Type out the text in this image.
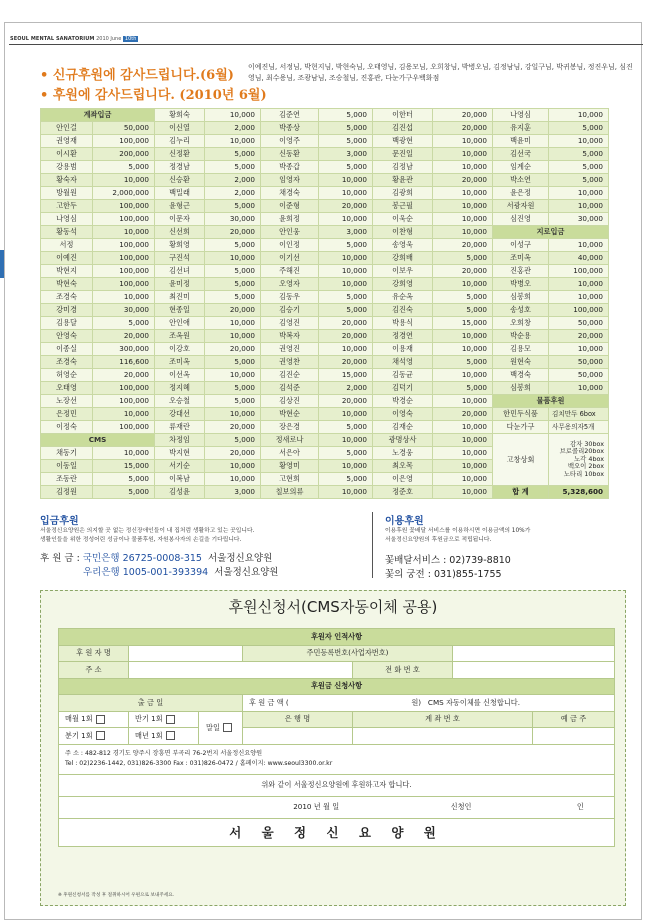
SEOUL MENTAL SANATORIUM 2010 June 10th
• 신규후원에 감사드립니다.(6월)
• 후원에 감사드립니다. (2010년 6월)
이예진님, 서정님, 박현지님, 박현숙님, 오태영님, 김용모님, 오희창님, 박병오님, 김정남님, 강일구님, 박귀봉님, 정진우님, 심진영님, 최수용님, 조광남님, 조승철님, 진홍관, 다눈가구우백화점
계좌입금		황희숙	10,000	김준연	5,000	이한터	20,000	나영심	10,000
안인걸	50,000	이신열	2,000	박종상	5,000	김진섭	20,000	유지훈	5,000
권영재	100,000	김누리	10,000	이영주	5,000	백광현	10,000	백윤미	10,000
이시환	200,000	신정환	5,000	신동환	3,000	문진일	10,000	김선국	5,000
강용범	5,000	정경남	5,000	박종갑	5,000	김정남	10,000	임계순	5,000
황숙자	10,000	신승환	2,000	임영자	10,000	황윤관	20,000	박소연	5,000
방월원	2,000,000	백밀래	2,000	채경숙	10,000	김광희	10,000	윤은정	10,000
고한두	100,000	윤형근	5,000	이준형	20,000	봉근필	10,000	서광자원	10,000
나영심	100,000	이문자	30,000	윤희정	10,000	이욱순	10,000	심진영	30,000
황동석	10,000	신선희	20,000	안인웅	3,000	이찬형	10,000	지로입금	
서정	100,000	황희영	5,000	이인정	5,000	송영욱	20,000	이성구	10,000
이예진	100,000	구진석	10,000	이기선	10,000	강희배	5,000	조미옥	40,000
박현지	100,000	김선녀	5,000	주해진	10,000	이보우	20,000	진홍관	100,000
박현숙	100,000	윤미정	5,000	오영자	10,000	강희영	10,000	박병오	10,000
조경숙	10,000	최진미	5,000	김동우	5,000	유순옥	5,000	심봉희	10,000
강미경	30,000	현종일	20,000	김승기	5,000	김진숙	5,000	송성호	100,000
김용달	5,000	안인애	10,000	김영진	20,000	박용식	15,000	오희창	50,000
안영숙	20,000	조옥원	10,000	박복자	20,000	정경연	10,000	박순용	20,000
이종실	300,000	이강호	20,000	권영진	10,000	이용재	10,000	김용모	10,000
조경숙	116,600	조미옥	5,000	권영찬	20,000	채석영	5,000	원현숙	50,000
허영순	20,000	이선옥	10,000	김진순	15,000	김동균	10,000	백경숙	50,000
오태영	100,000	정지혜	5,000	김석준	2,000	김덕기	5,000	심봉희	10,000
노장선	100,000	오승철	5,000	김상진	20,000	박경순	10,000	물품후원	
은정민	10,000	강대선	10,000	박현순	10,000	이영숙	20,000	한민두식품	김치만두 6box
이정숙	100,000	류재란	20,000	장은경	5,000	김재순	10,000	다눈가구	사무용의자5개
CMS		차정임	5,000	정새로나	10,000	광명상사	10,000	고창상회	감자 30box
브로콜리20box
노각 4box
백오이 2box
노타리 10box

채동기	10,000	박지현	20,000	서은아	5,000	노경웅	10,000		
이동일	15,000	서기순	10,000	황영미	10,000	최오목	10,000		
조동란	5,000	이복남	10,000	고현희	5,000	이은영	10,000		
김정원	5,000	김성윤	3,000	칠보의류	10,000	정준호	10,000	합 계	5,328,600
입금후원
서울정신요양원은 의지할 곳 없는 정신장애인들이 내 집처럼 생활하고 있는 곳입니다.
생활인들을 위한 정성어린 성금이나 물품후원, 자원봉사자의 손길을 기다립니다.
후 원 금 : 국민은행 26725-0008-315 서울정신요양원
우리은행 1005-001-393394 서울정신요양원
이용후원
이용후원 꽃배달 서비스를 이용하시면 이용금액의 10%가
서울정신요양원의 후원금으로 적립됩니다.
꽃배달서비스 : 02)739-8810
꽃의 궁전 : 031)855-1755
후원신청서(CMS자동이체 공용)
후원자 인적사항						
후 원 자 명			주민등록번호(사업자번호)			
주 소				전 화 번 호		
후원금 신청사항						
출 금 일			후 원 금 액 ( 원) CMS 자동이체를 신청합니다.			
매월 1회	반기 1회	말일	은 행 명	계 좌 번 호		예 금 주
분기 1회	매년 1회					

주 소 : 482-812 경기도 양주시 장흥면 부곡리 76-2번지 서울정신요양원
Tel : 02)2236-1442, 031)826-3300 Fax : 031)826-0472 / 홈페이지: www.seoul3300.or.kr						

위와 같이 서울정신요양원에 후원하고자 합니다.						
2010 년 월 일 신청인 인						
서 울 정 신 요 양 원						
※ 후원신청서를 작성 후 절취하시어 우편으로 보내주세요.
